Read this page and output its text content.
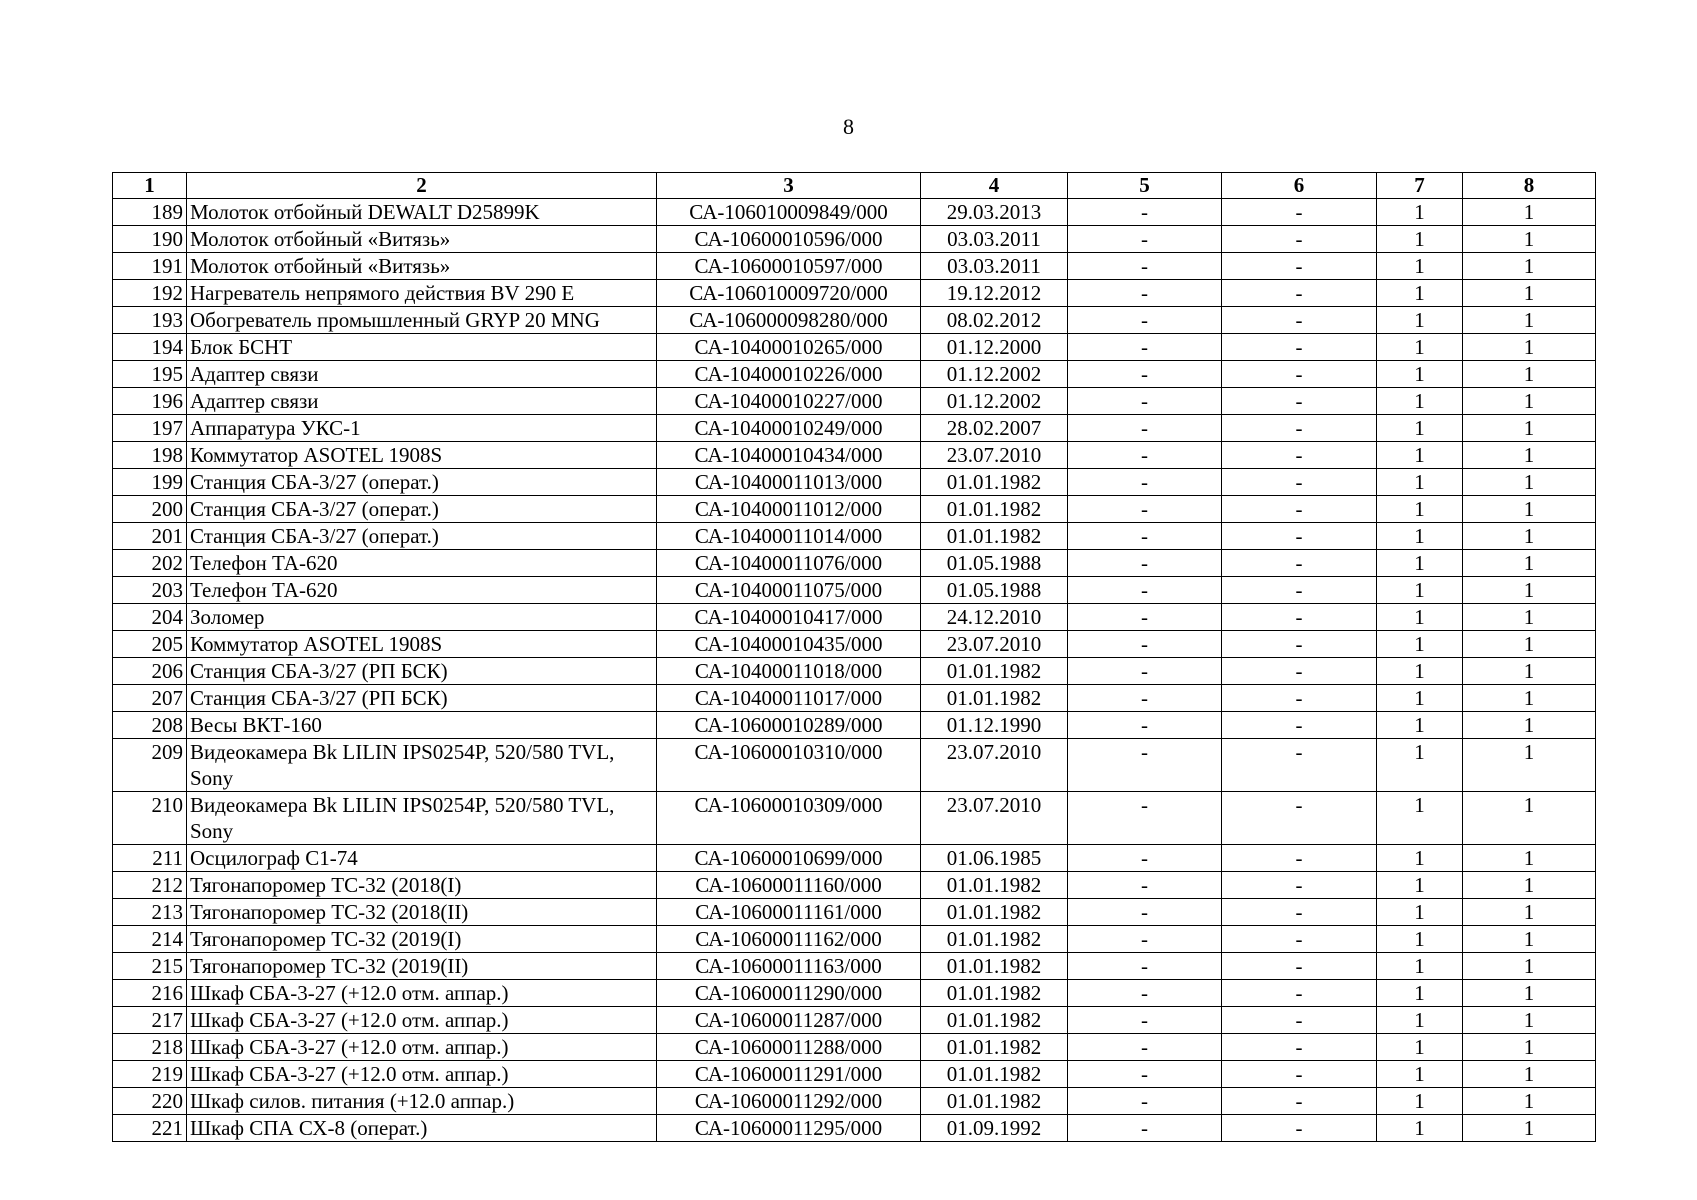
8
1	2	3	4	5	6	7	8
189	Молоток отбойный DEWALT D25899K	СА-106010009849/000	29.03.2013	-	-	1	1
190	Молоток отбойный «Витязь»	СА-10600010596/000	03.03.2011	-	-	1	1
191	Молоток отбойный «Витязь»	СА-10600010597/000	03.03.2011	-	-	1	1
192	Нагреватель непрямого действия BV 290 E	СА-106010009720/000	19.12.2012	-	-	1	1
193	Обогреватель промышленный GRYP 20 MNG	СА-106000098280/000	08.02.2012	-	-	1	1
194	Блок БСНТ	СА-10400010265/000	01.12.2000	-	-	1	1
195	Адаптер связи	СА-10400010226/000	01.12.2002	-	-	1	1
196	Адаптер связи	СА-10400010227/000	01.12.2002	-	-	1	1
197	Аппаратура УКС-1	СА-10400010249/000	28.02.2007	-	-	1	1
198	Коммутатор ASOTEL 1908S	СА-10400010434/000	23.07.2010	-	-	1	1
199	Станция СБА-3/27 (операт.)	СА-10400011013/000	01.01.1982	-	-	1	1
200	Станция СБА-3/27 (операт.)	СА-10400011012/000	01.01.1982	-	-	1	1
201	Станция СБА-3/27 (операт.)	СА-10400011014/000	01.01.1982	-	-	1	1
202	Телефон ТА-620	СА-10400011076/000	01.05.1988	-	-	1	1
203	Телефон ТА-620	СА-10400011075/000	01.05.1988	-	-	1	1
204	Золомер	СА-10400010417/000	24.12.2010	-	-	1	1
205	Коммутатор ASOTEL 1908S	СА-10400010435/000	23.07.2010	-	-	1	1
206	Станция СБА-3/27 (РП БСК)	СА-10400011018/000	01.01.1982	-	-	1	1
207	Станция СБА-3/27 (РП БСК)	СА-10400011017/000	01.01.1982	-	-	1	1
208	Весы ВКТ-160	СА-10600010289/000	01.12.1990	-	-	1	1
209	Видеокамера Bk LILIN IPS0254P, 520/580 TVL, Sony	СА-10600010310/000	23.07.2010	-	-	1	1
210	Видеокамера Bk LILIN IPS0254P, 520/580 TVL, Sony	СА-10600010309/000	23.07.2010	-	-	1	1
211	Осцилограф С1-74	СА-10600010699/000	01.06.1985	-	-	1	1
212	Тягонапоромер ТС-32 (2018(I)	СА-10600011160/000	01.01.1982	-	-	1	1
213	Тягонапоромер ТС-32 (2018(II)	СА-10600011161/000	01.01.1982	-	-	1	1
214	Тягонапоромер ТС-32 (2019(I)	СА-10600011162/000	01.01.1982	-	-	1	1
215	Тягонапоромер ТС-32 (2019(II)	СА-10600011163/000	01.01.1982	-	-	1	1
216	Шкаф СБА-3-27 (+12.0 отм. аппар.)	СА-10600011290/000	01.01.1982	-	-	1	1
217	Шкаф СБА-3-27 (+12.0 отм. аппар.)	СА-10600011287/000	01.01.1982	-	-	1	1
218	Шкаф СБА-3-27 (+12.0 отм. аппар.)	СА-10600011288/000	01.01.1982	-	-	1	1
219	Шкаф СБА-3-27 (+12.0 отм. аппар.)	СА-10600011291/000	01.01.1982	-	-	1	1
220	Шкаф силов. питания (+12.0 аппар.)	СА-10600011292/000	01.01.1982	-	-	1	1
221	Шкаф СПА СХ-8 (операт.)	СА-10600011295/000	01.09.1992	-	-	1	1
